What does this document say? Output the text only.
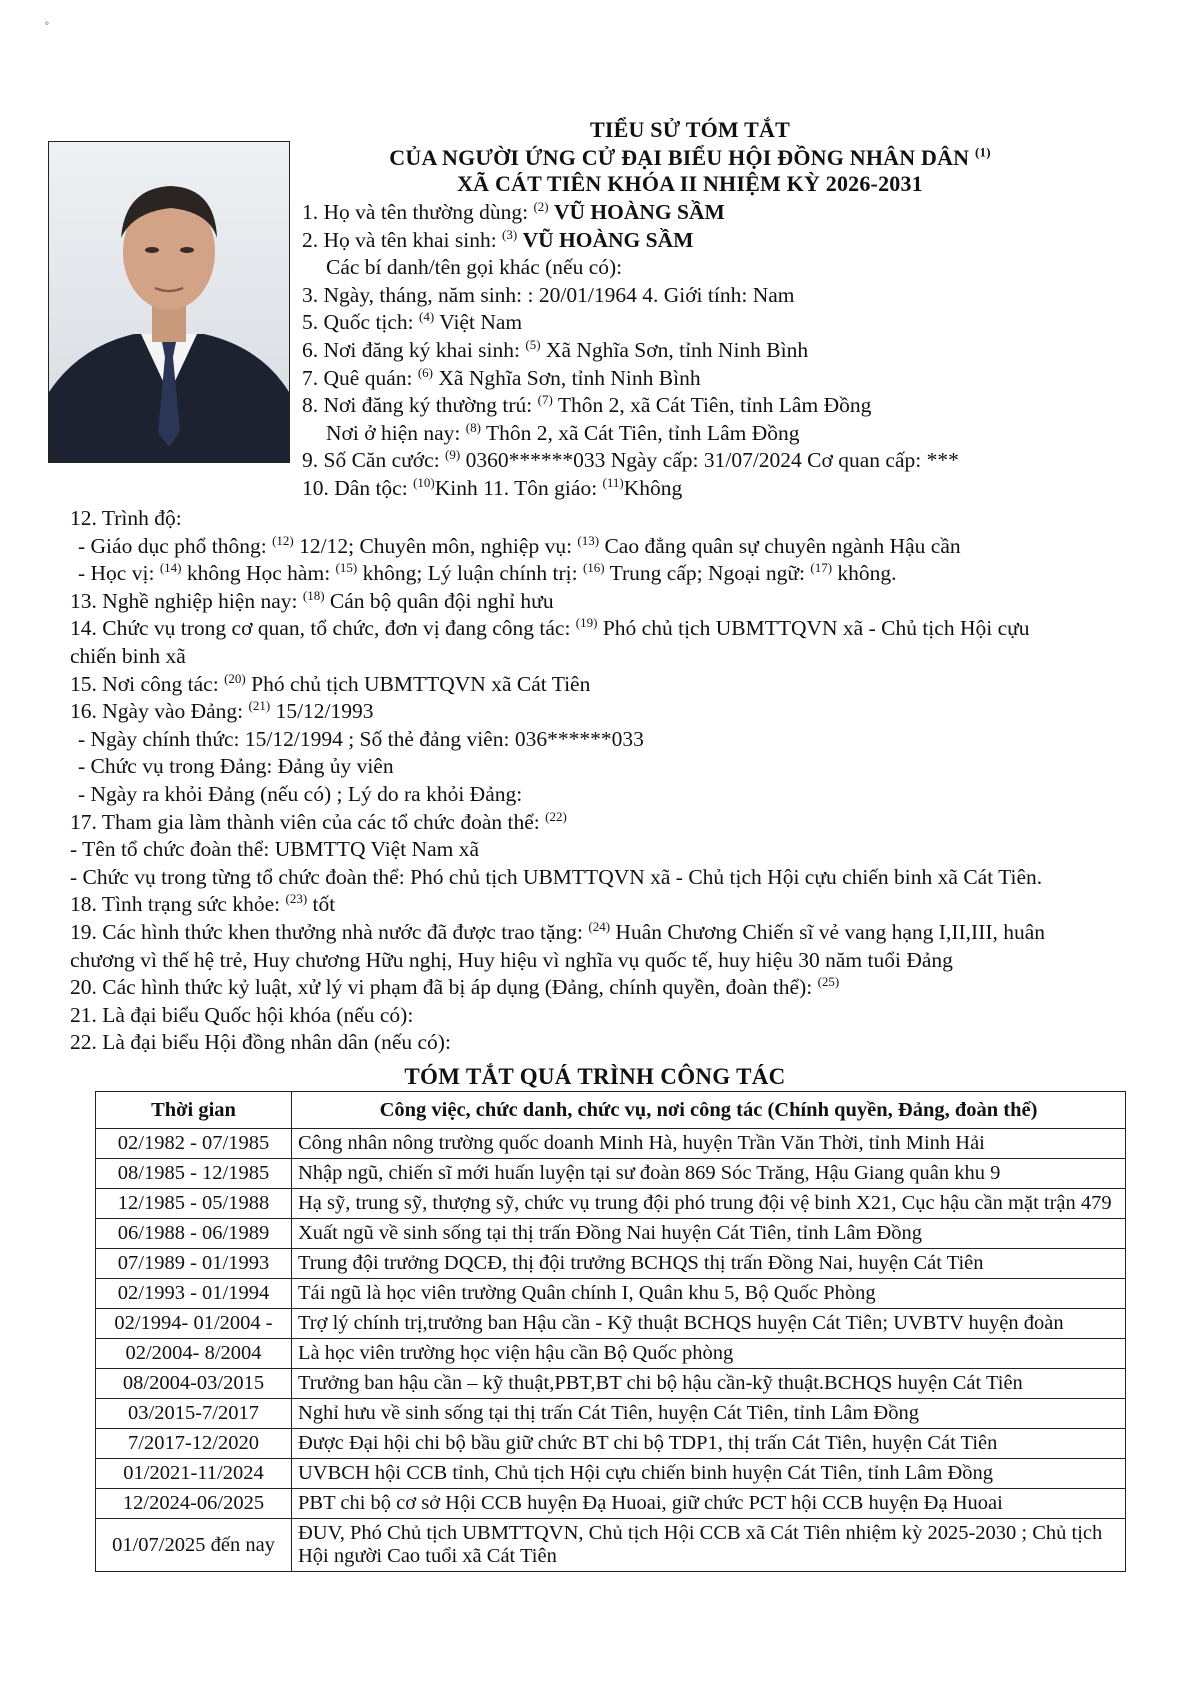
TIỂU SỬ TÓM TẮT
CỦA NGƯỜI ỨNG CỬ ĐẠI BIỂU HỘI ĐỒNG NHÂN DÂN $^{(1)}$
XÃ CÁT TIÊN KHÓA II NHIỆM KỲ 2026-2031
1. Họ và tên thường dùng: $^{(2)}$ VŨ HOÀNG SẦM
2. Họ và tên khai sinh: $^{(3)}$ VŨ HOÀNG SẦM
Các bí danh/tên gọi khác (nếu có):
3. Ngày, tháng, năm sinh: : 20/01/1964 4. Giới tính: Nam
5. Quốc tịch: $^{(4)}$ Việt Nam
6. Nơi đăng ký khai sinh: $^{(5)}$ Xã Nghĩa Sơn, tỉnh Ninh Bình
7. Quê quán: $^{(6)}$ Xã Nghĩa Sơn, tỉnh Ninh Bình
8. Nơi đăng ký thường trú: $^{(7)}$ Thôn 2, xã Cát Tiên, tỉnh Lâm Đồng
Nơi ở hiện nay: $^{(8)}$ Thôn 2, xã Cát Tiên, tỉnh Lâm Đồng
9. Số Căn cước: $^{(9)}$ 0360******033 Ngày cấp: 31/07/2024 Cơ quan cấp: ***
10. Dân tộc: $^{(10)}$Kinh 11. Tôn giáo: $^{(11)}$Không
12. Trình độ:
- Giáo dục phổ thông: $^{(12)}$ 12/12; Chuyên môn, nghiệp vụ: $^{(13)}$ Cao đẳng quân sự chuyên ngành Hậu cần
- Học vị: $^{(14)}$ không Học hàm: $^{(15)}$ không; Lý luận chính trị: $^{(16)}$ Trung cấp; Ngoại ngữ: $^{(17)}$ không.
13. Nghề nghiệp hiện nay: $^{(18)}$ Cán bộ quân đội nghỉ hưu
14. Chức vụ trong cơ quan, tổ chức, đơn vị đang công tác: $^{(19)}$ Phó chủ tịch UBMTTQVN xã - Chủ tịch Hội cựu
chiến binh xã
15. Nơi công tác: $^{(20)}$ Phó chủ tịch UBMTTQVN xã Cát Tiên
16. Ngày vào Đảng: $^{(21)}$ 15/12/1993
- Ngày chính thức: 15/12/1994 ; Số thẻ đảng viên: 036******033
- Chức vụ trong Đảng: Đảng ủy viên
- Ngày ra khỏi Đảng (nếu có) ; Lý do ra khỏi Đảng:
17. Tham gia làm thành viên của các tổ chức đoàn thể: $^{(22)}$
- Tên tổ chức đoàn thể: UBMTTQ Việt Nam xã
- Chức vụ trong từng tổ chức đoàn thể: Phó chủ tịch UBMTTQVN xã - Chủ tịch Hội cựu chiến binh xã Cát Tiên.
18. Tình trạng sức khỏe: $^{(23)}$ tốt
19. Các hình thức khen thưởng nhà nước đã được trao tặng: $^{(24)}$ Huân Chương Chiến sĩ vẻ vang hạng I,II,III, huân
chương vì thế hệ trẻ, Huy chương Hữu nghị, Huy hiệu vì nghĩa vụ quốc tế, huy hiệu 30 năm tuổi Đảng
20. Các hình thức kỷ luật, xử lý vi phạm đã bị áp dụng (Đảng, chính quyền, đoàn thể): $^{(25)}$
21. Là đại biểu Quốc hội khóa (nếu có):
22. Là đại biểu Hội đồng nhân dân (nếu có):
TÓM TẮT QUÁ TRÌNH CÔNG TÁC
Thời gian	Công việc, chức danh, chức vụ, nơi công tác (Chính quyền, Đảng, đoàn thể)
02/1982 - 07/1985	Công nhân nông trường quốc doanh Minh Hà, huyện Trần Văn Thời, tỉnh Minh Hải
08/1985 - 12/1985	Nhập ngũ, chiến sĩ mới huấn luyện tại sư đoàn 869 Sóc Trăng, Hậu Giang quân khu 9
12/1985 - 05/1988	Hạ sỹ, trung sỹ, thượng sỹ, chức vụ trung đội phó trung đội vệ binh X21, Cục hậu cần mặt trận 479
06/1988 - 06/1989	Xuất ngũ về sinh sống tại thị trấn Đồng Nai huyện Cát Tiên, tỉnh Lâm Đồng
07/1989 - 01/1993	Trung đội trưởng DQCĐ, thị đội trưởng BCHQS thị trấn Đồng Nai, huyện Cát Tiên
02/1993 - 01/1994	Tái ngũ là học viên trường Quân chính I, Quân khu 5, Bộ Quốc Phòng
02/1994- 01/2004 -	Trợ lý chính trị,trưởng ban Hậu cần - Kỹ thuật BCHQS huyện Cát Tiên; UVBTV huyện đoàn
02/2004- 8/2004	Là học viên trường học viện hậu cần Bộ Quốc phòng
08/2004-03/2015	Trưởng ban hậu cần – kỹ thuật,PBT,BT chi bộ hậu cần-kỹ thuật.BCHQS huyện Cát Tiên
03/2015-7/2017	Nghỉ hưu về sinh sống tại thị trấn Cát Tiên, huyện Cát Tiên, tỉnh Lâm Đồng
7/2017-12/2020	Được Đại hội chi bộ bầu giữ chức BT chi bộ TDP1, thị trấn Cát Tiên, huyện Cát Tiên
01/2021-11/2024	UVBCH hội CCB tỉnh, Chủ tịch Hội cựu chiến binh huyện Cát Tiên, tỉnh Lâm Đồng
12/2024-06/2025	PBT chi bộ cơ sở Hội CCB huyện Đạ Huoai, giữ chức PCT hội CCB huyện Đạ Huoai
01/07/2025 đến nay	ĐUV, Phó Chủ tịch UBMTTQVN, Chủ tịch Hội CCB xã Cát Tiên nhiệm kỳ 2025-2030 ; Chủ tịch Hội người Cao tuổi xã Cát Tiên
∘
